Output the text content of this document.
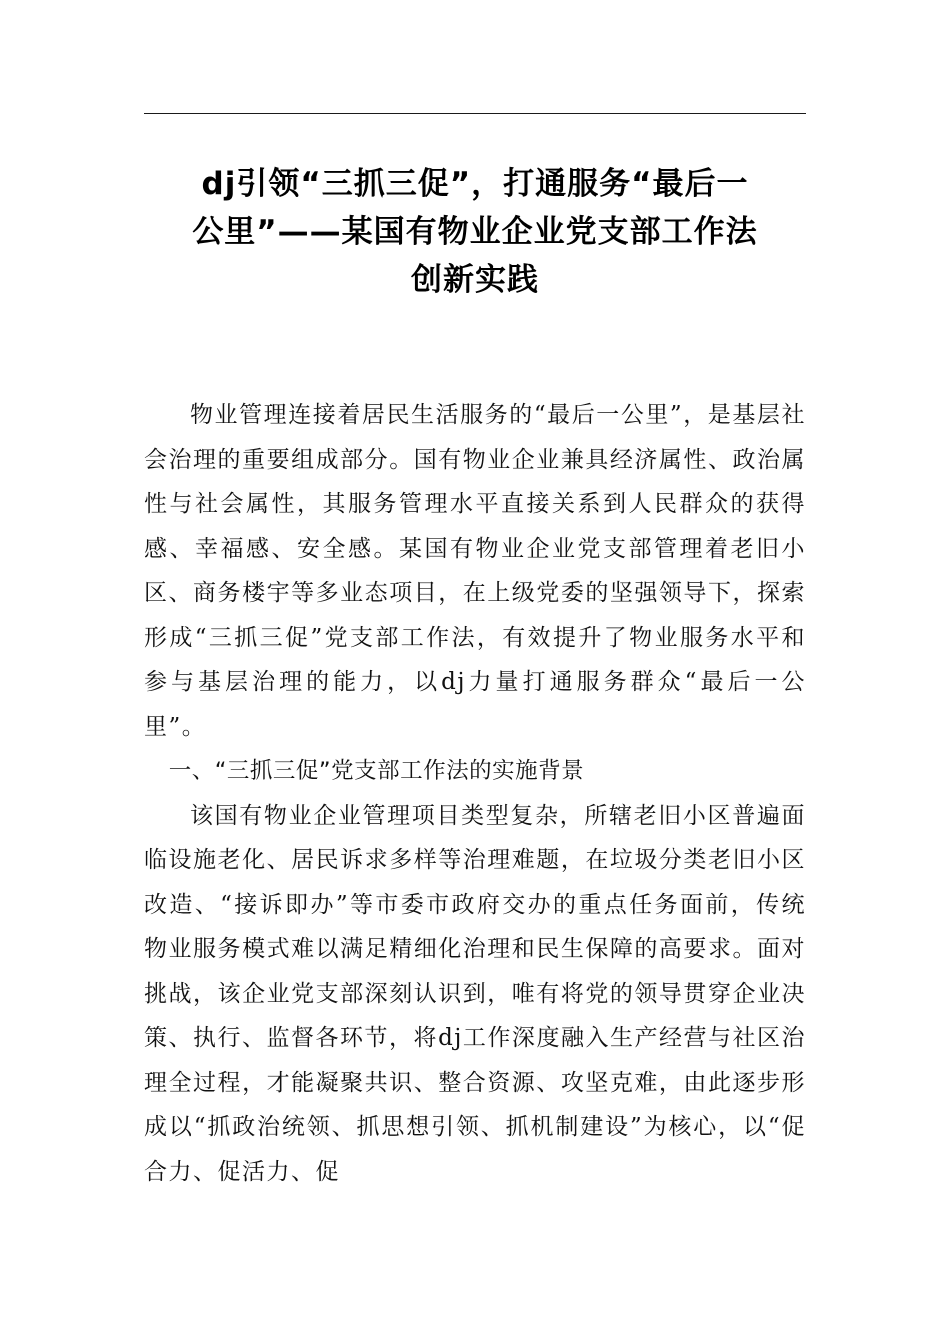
dj引领“三抓三促”，打通服务“最后一
公里”——某国有物业企业党支部工作法
创新实践

物业管理连接着居民生活服务的“最后一公里”，是基层社会治理的重要组成部分。国有物业企业兼具经济属性、政治属性与社会属性，其服务管理水平直接关系到人民群众的获得感、幸福感、安全感。某国有物业企业党支部管理着老旧小区、商务楼宇等多业态项目，在上级党委的坚强领导下，探索形成“三抓三促”党支部工作法，有效提升了物业服务水平和参与基层治理的能力，以dj力量打通服务群众“最后一公里”。

一、“三抓三促”党支部工作法的实施背景

该国有物业企业管理项目类型复杂，所辖老旧小区普遍面临设施老化、居民诉求多样等治理难题，在垃圾分类老旧小区改造、“接诉即办”等市委市政府交办的重点任务面前，传统物业服务模式难以满足精细化治理和民生保障的高要求。面对挑战，该企业党支部深刻认识到，唯有将党的领导贯穿企业决策、执行、监督各环节，将dj工作深度融入生产经营与社区治理全过程，才能凝聚共识、整合资源、攻坚克难，由此逐步形成以“抓政治统领、抓思想引领、抓机制建设”为核心，以“促合力、促活力、促
